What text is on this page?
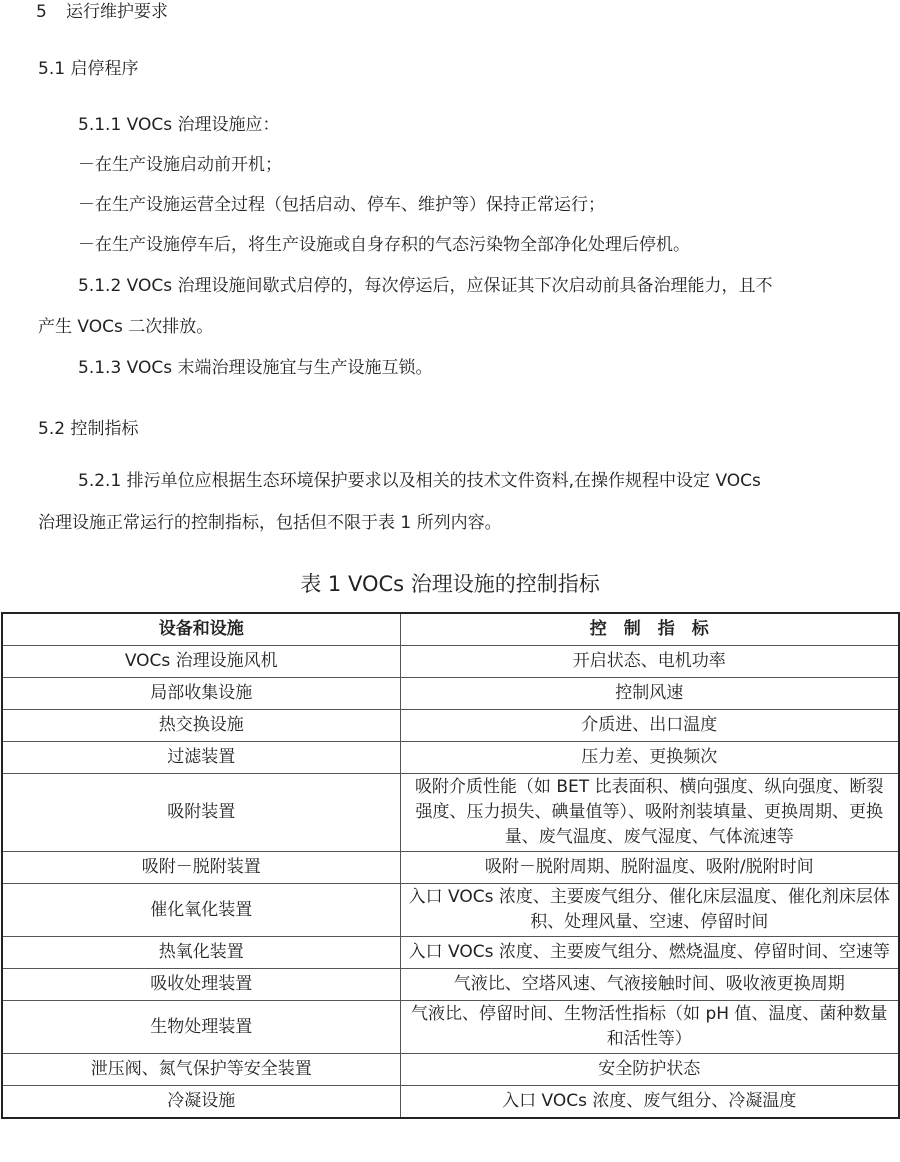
5 运行维护要求
5.1 启停程序
5.1.1 VOCs 治理设施应：
－在生产设施启动前开机；
－在生产设施运营全过程（包括启动、停车、维护等）保持正常运行；
－在生产设施停车后，将生产设施或自身存积的气态污染物全部净化处理后停机。
5.1.2 VOCs 治理设施间歇式启停的，每次停运后，应保证其下次启动前具备治理能力，且不
产生 VOCs 二次排放。
5.1.3 VOCs 末端治理设施宜与生产设施互锁。
5.2 控制指标
5.2.1 排污单位应根据生态环境保护要求以及相关的技术文件资料,在操作规程中设定 VOCs
治理设施正常运行的控制指标，包括但不限于表 1 所列内容。
表 1 VOCs 治理设施的控制指标
设备和设施	控　制　指　标
VOCs 治理设施风机	开启状态、电机功率
局部收集设施	控制风速
热交换设施	介质进、出口温度
过滤装置	压力差、更换频次
吸附装置	吸附介质性能（如 BET 比表面积、横向强度、纵向强度、断裂强度、压力损失、碘量值等）、吸附剂装填量、更换周期、更换量、废气温度、废气湿度、气体流速等
吸附－脱附装置	吸附－脱附周期、脱附温度、吸附/脱附时间
催化氧化装置	入口 VOCs 浓度、主要废气组分、催化床层温度、催化剂床层体积、处理风量、空速、停留时间
热氧化装置	入口 VOCs 浓度、主要废气组分、燃烧温度、停留时间、空速等
吸收处理装置	气液比、空塔风速、气液接触时间、吸收液更换周期
生物处理装置	气液比、停留时间、生物活性指标（如 pH 值、温度、菌种数量和活性等）
泄压阀、氮气保护等安全装置	安全防护状态
冷凝设施	入口 VOCs 浓度、废气组分、冷凝温度
